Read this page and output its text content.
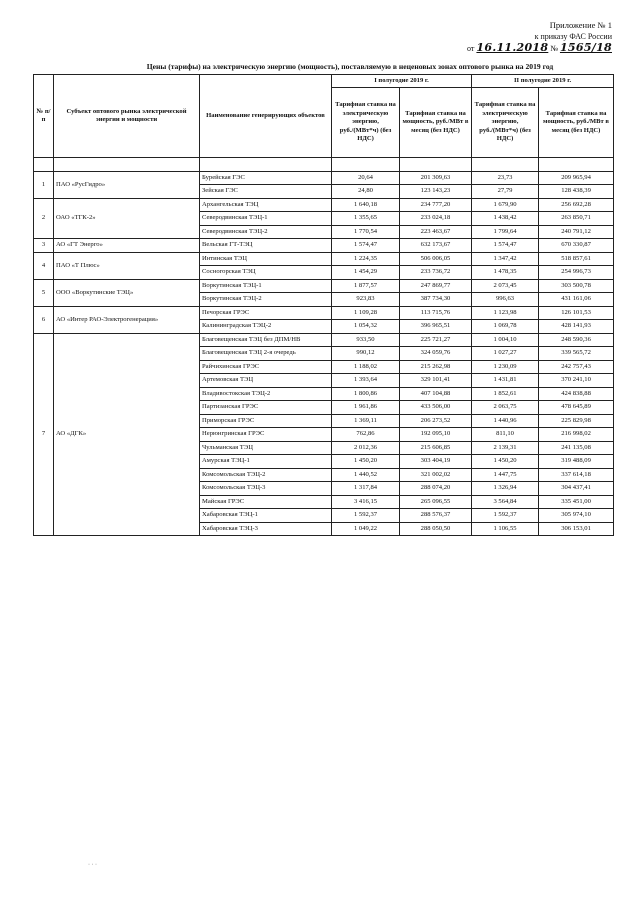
Приложение № 1
к приказу ФАС России
от 16.11.2018 № 1565/18
Цены (тарифы) на электрическую энергию (мощность), поставляемую в неценовых зонах оптового рынка на 2019 год
№ п/п	Субъект оптового рынка электрической энергии и мощности	Наименование генерирующих объектов	I полугодие 2019 г.		II полугодие 2019 г.	
			Тарифная ставка на электрическую энергию, руб./(МВт*ч) (без НДС)	Тарифная ставка на мощность, руб./МВт в месяц (без НДС)	Тарифная ставка на электрическую энергию, руб./(МВт*ч) (без НДС)	Тарифная ставка на мощность, руб./МВт в месяц (без НДС)

1	ПАО «РусГидро»	Бурейская ГЭС	20,64	201 309,63	23,73	209 965,94
		Зейская ГЭС	24,80	123 143,23	27,79	128 438,39
2	ОАО «ТГК-2»	Архангельская ТЭЦ	1 640,18	234 777,20	1 679,90	256 692,28
		Северодвинская ТЭЦ-1	1 355,65	233 024,18	1 438,42	263 850,71
		Северодвинская ТЭЦ-2	1 770,54	223 463,67	1 799,64	240 791,12
3	АО «ГТ Энерго»	Вельская ГТ-ТЭЦ	1 574,47	632 173,67	1 574,47	670 330,87
4	ПАО «Т Плюс»	Интинская ТЭЦ	1 224,35	506 006,05	1 347,42	518 857,61
		Сосногорская ТЭЦ	1 454,29	233 736,72	1 478,35	254 996,73
5	ООО «Воркутинские ТЭЦ»	Воркутинская ТЭЦ-1	1 877,57	247 869,77	2 073,45	303 500,78
		Воркутинская ТЭЦ-2	923,83	387 734,30	996,63	431 161,06
6	АО «Интер РАО-Электрогенерация»	Печорская ГРЭС	1 109,28	113 715,76	1 123,98	126 101,53
		Калининградская ТЭЦ-2	1 054,32	396 965,51	1 069,78	428 141,93
7	АО «ДГК»	Благовещенская ТЭЦ без ДПМ/НВ	933,50	225 721,27	1 004,10	248 590,36
		Благовещенская ТЭЦ 2-я очередь	990,12	324 059,76	1 027,27	339 565,72
		Райчихинская ГРЭС	1 188,02	215 262,98	1 230,09	242 757,43
		Артемовская ТЭЦ	1 393,64	329 101,41	1 431,81	370 241,10
		Владивостокская ТЭЦ-2	1 800,86	407 104,88	1 852,61	424 838,88
		Партизанская ГРЭС	1 961,86	433 506,00	2 063,75	478 645,89
		Приморская ГРЭС	1 369,11	206 273,52	1 440,96	225 829,98
		Нерюнгринская ГРЭС	762,86	192 095,10	811,10	216 998,02
		Чульманская ТЭЦ	2 012,36	215 606,85	2 139,31	241 135,08
		Амурская ТЭЦ-1	1 450,20	303 404,19	1 450,20	319 488,09
		Комсомольская ТЭЦ-2	1 440,52	321 002,02	1 447,75	337 614,18
		Комсомольская ТЭЦ-3	1 317,84	288 074,20	1 326,94	304 437,41
		Майская ГРЭС	3 416,15	265 096,55	3 564,84	335 451,00
		Хабаровская ТЭЦ-1	1 592,37	288 576,37	1 592,37	305 974,10
		Хабаровская ТЭЦ-3	1 049,22	288 050,50	1 106,55	306 153,01
· · ·
